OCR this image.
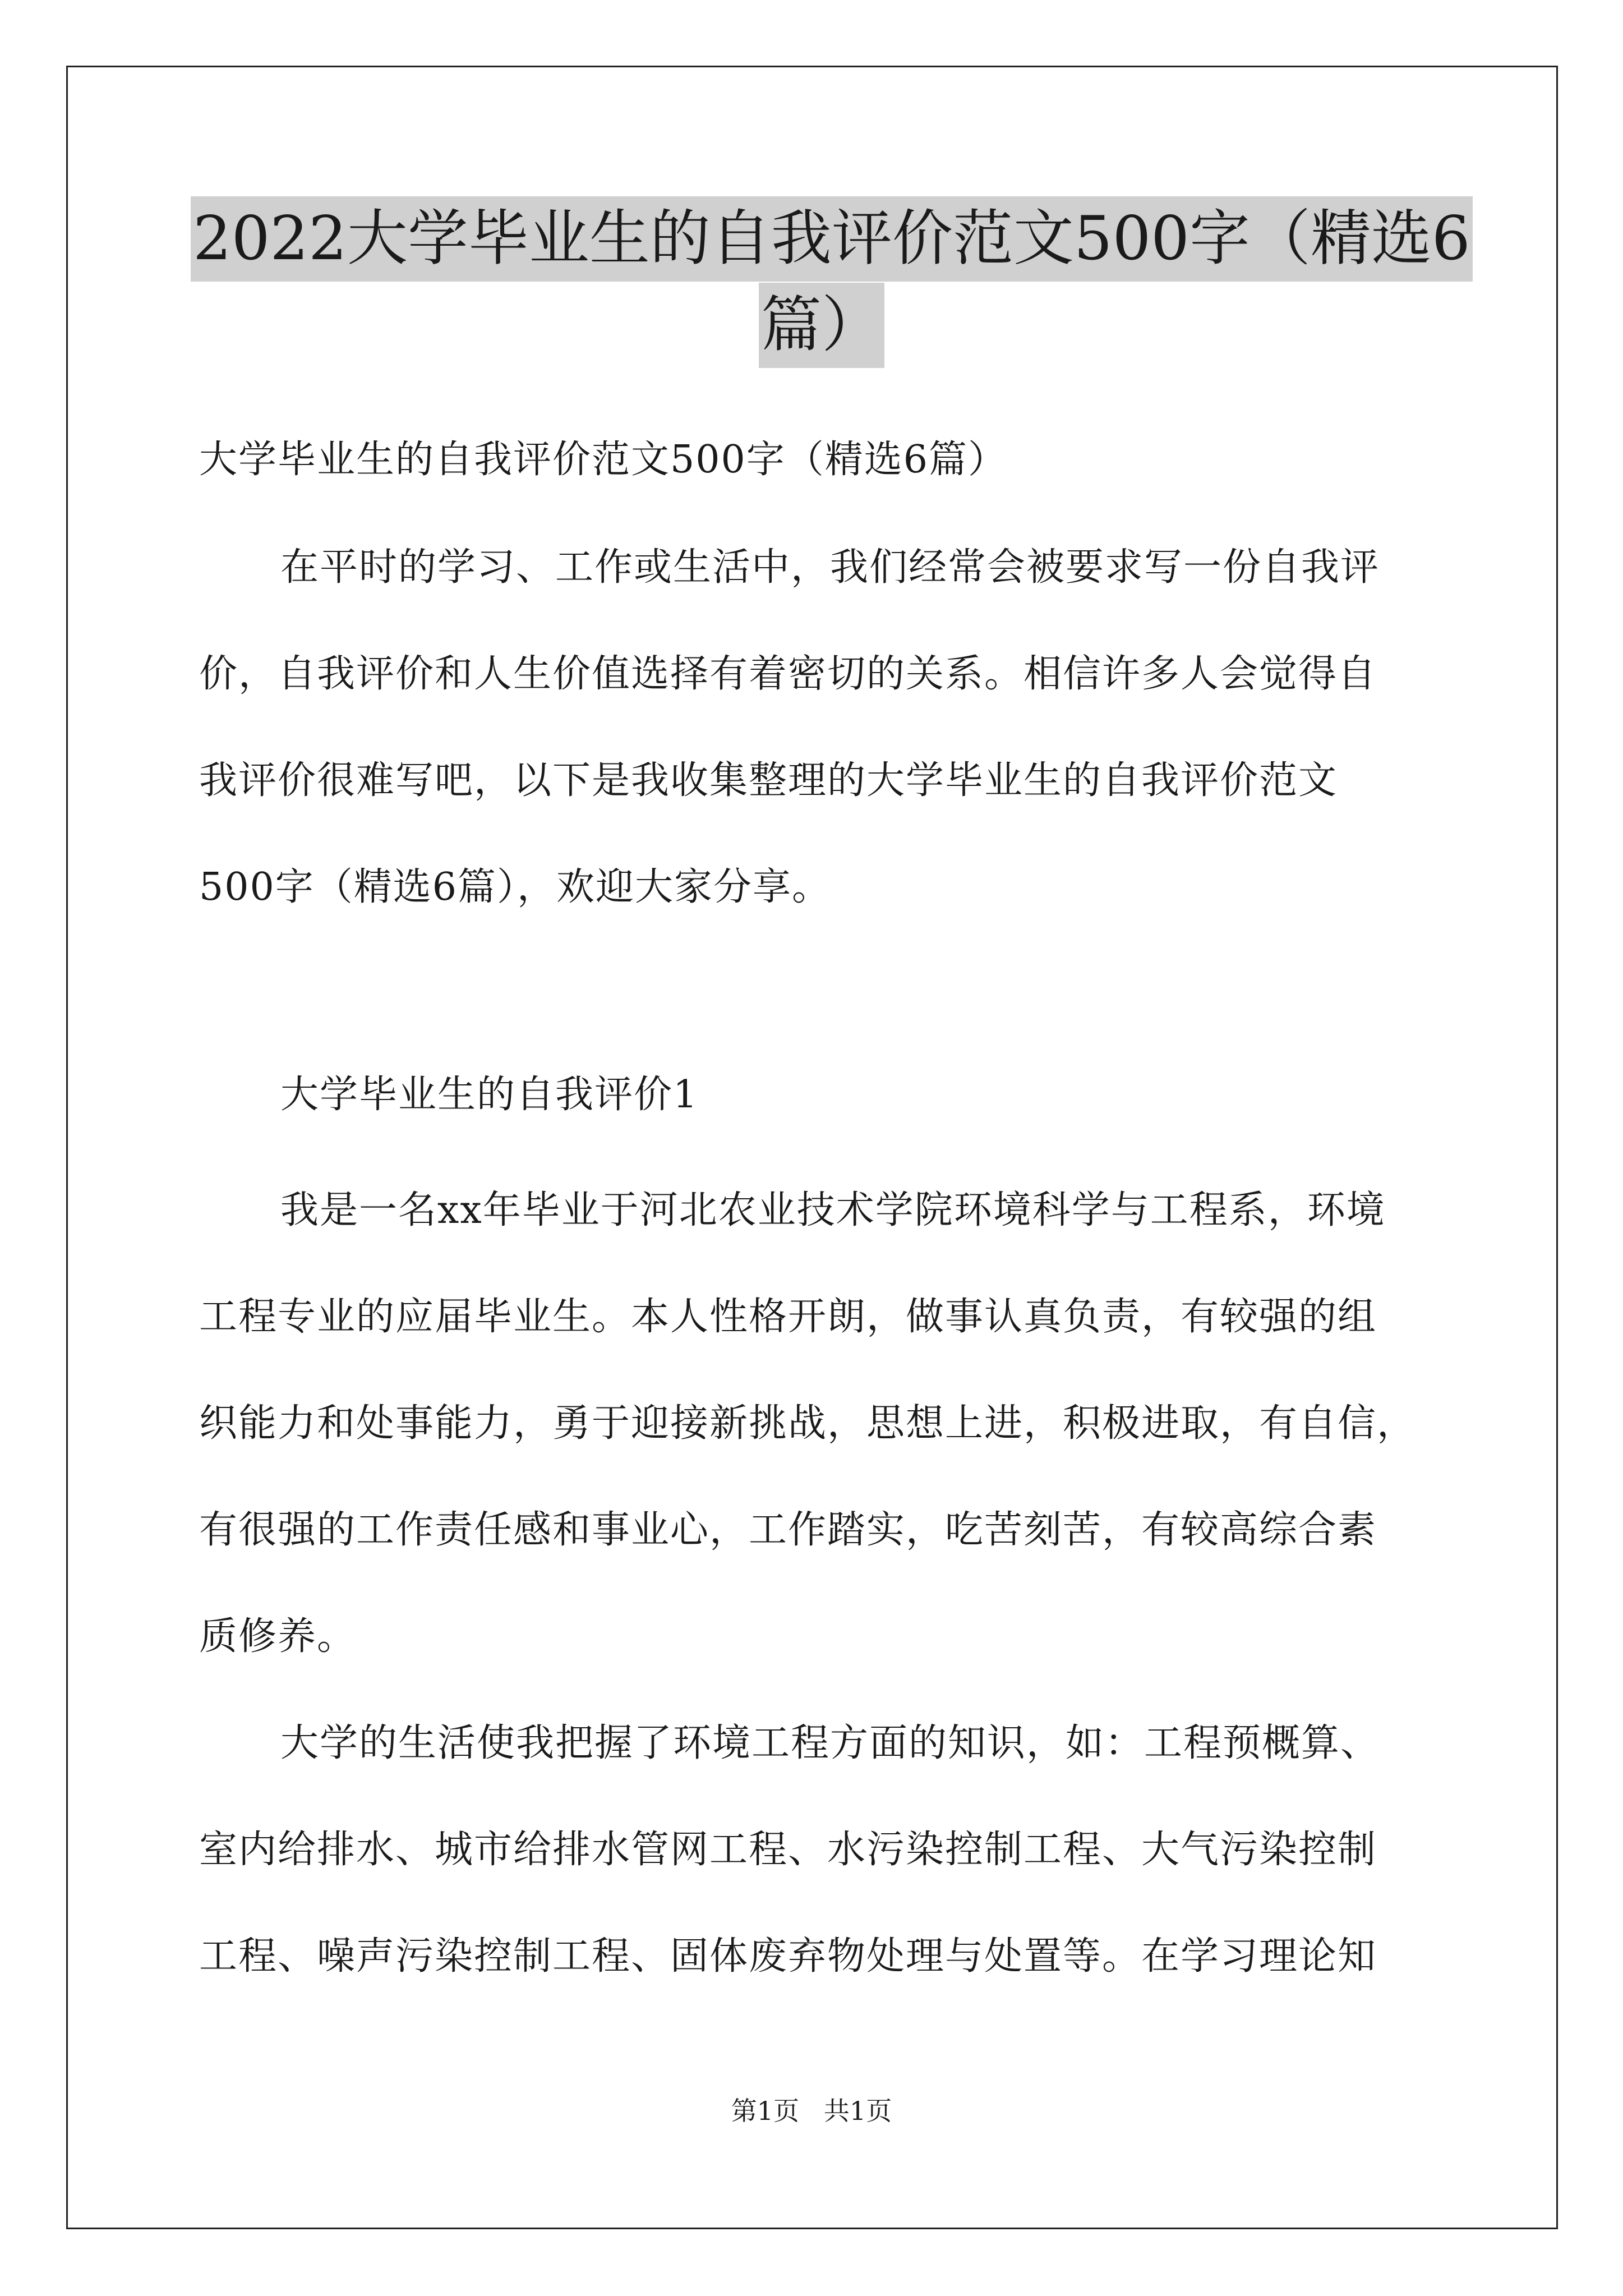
2022大学毕业生的自我评价范文500字（精选6
篇）
大学毕业生的自我评价范文500字（精选6篇）
在平时的学习、工作或生活中，我们经常会被要求写一份自我评
价，自我评价和人生价值选择有着密切的关系。相信许多人会觉得自
我评价很难写吧，以下是我收集整理的大学毕业生的自我评价范文
500字（精选6篇），欢迎大家分享。
大学毕业生的自我评价1
我是一名xx年毕业于河北农业技术学院环境科学与工程系，环境
工程专业的应届毕业生。本人性格开朗，做事认真负责，有较强的组
织能力和处事能力，勇于迎接新挑战，思想上进，积极进取，有自信，
有很强的工作责任感和事业心，工作踏实，吃苦刻苦，有较高综合素
质修养。
大学的生活使我把握了环境工程方面的知识，如：工程预概算、
室内给排水、城市给排水管网工程、水污染控制工程、大气污染控制
工程、噪声污染控制工程、固体废弃物处理与处置等。在学习理论知
第1页   共1页
